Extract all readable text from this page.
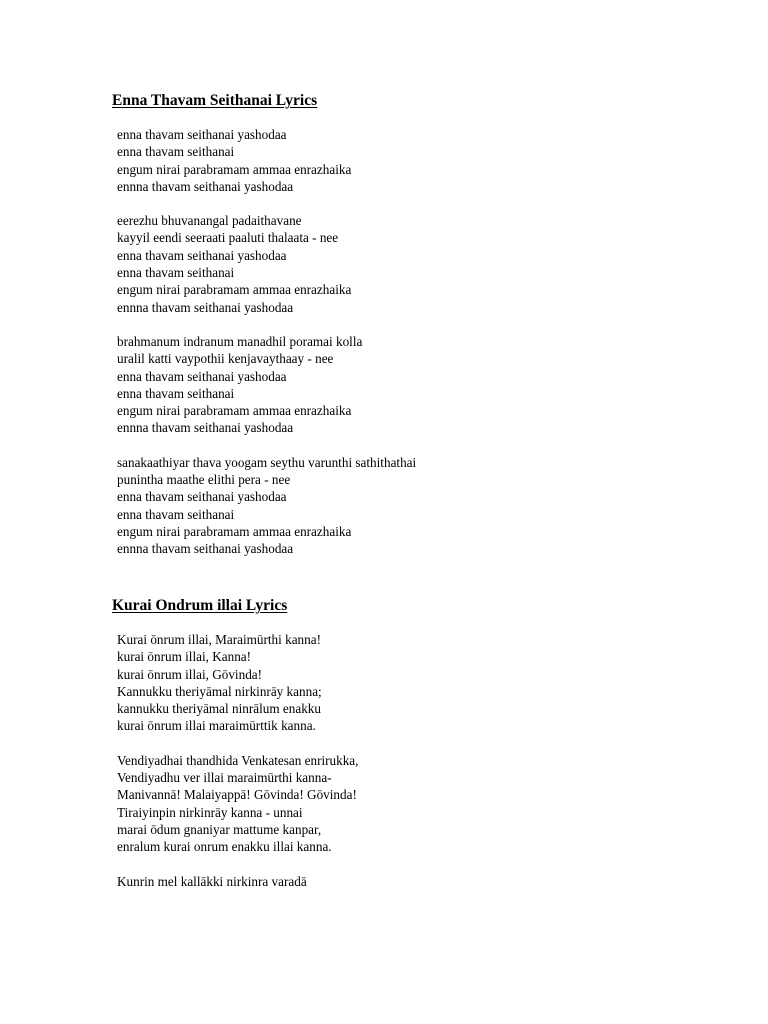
Enna Thavam Seithanai Lyrics
enna thavam seithanai yashodaa
enna thavam seithanai
engum nirai parabramam ammaa enrazhaika
ennna thavam seithanai yashodaa
eerezhu bhuvanangal padaithavane
kayyil eendi seeraati paaluti thalaata - nee
enna thavam seithanai yashodaa
enna thavam seithanai
engum nirai parabramam ammaa enrazhaika
ennna thavam seithanai yashodaa
brahmanum indranum manadhil poramai kolla
uralil katti vaypothii kenjavaythaay - nee
enna thavam seithanai yashodaa
enna thavam seithanai
engum nirai parabramam ammaa enrazhaika
ennna thavam seithanai yashodaa
sanakaathiyar thava yoogam seythu varunthi sathithathai
punintha maathe elithi pera - nee
enna thavam seithanai yashodaa
enna thavam seithanai
engum nirai parabramam ammaa enrazhaika
ennna thavam seithanai yashodaa
Kurai Ondrum illai Lyrics
Kurai ōnrum illai, Maraimūrthi kanna!
kurai ōnrum illai, Kanna!
kurai ōnrum illai, Gōvinda!
Kannukku theriyāmal nirkinrāy kanna;
kannukku theriyāmal ninrālum enakku
kurai ōnrum illai maraimūrttik kanna.
Vendiyadhai thandhida Venkatesan enrirukka,
Vendiyadhu ver illai maraimūrthi kanna-
Manivannā! Malaiyappā! Gōvinda! Gōvinda!
Tiraiyinpin nirkinrāy kanna - unnai
marai ōdum gnaniyar mattume kanpar,
enralum kurai onrum enakku illai kanna.
Kunrin mel kallākki nirkinra varadā
